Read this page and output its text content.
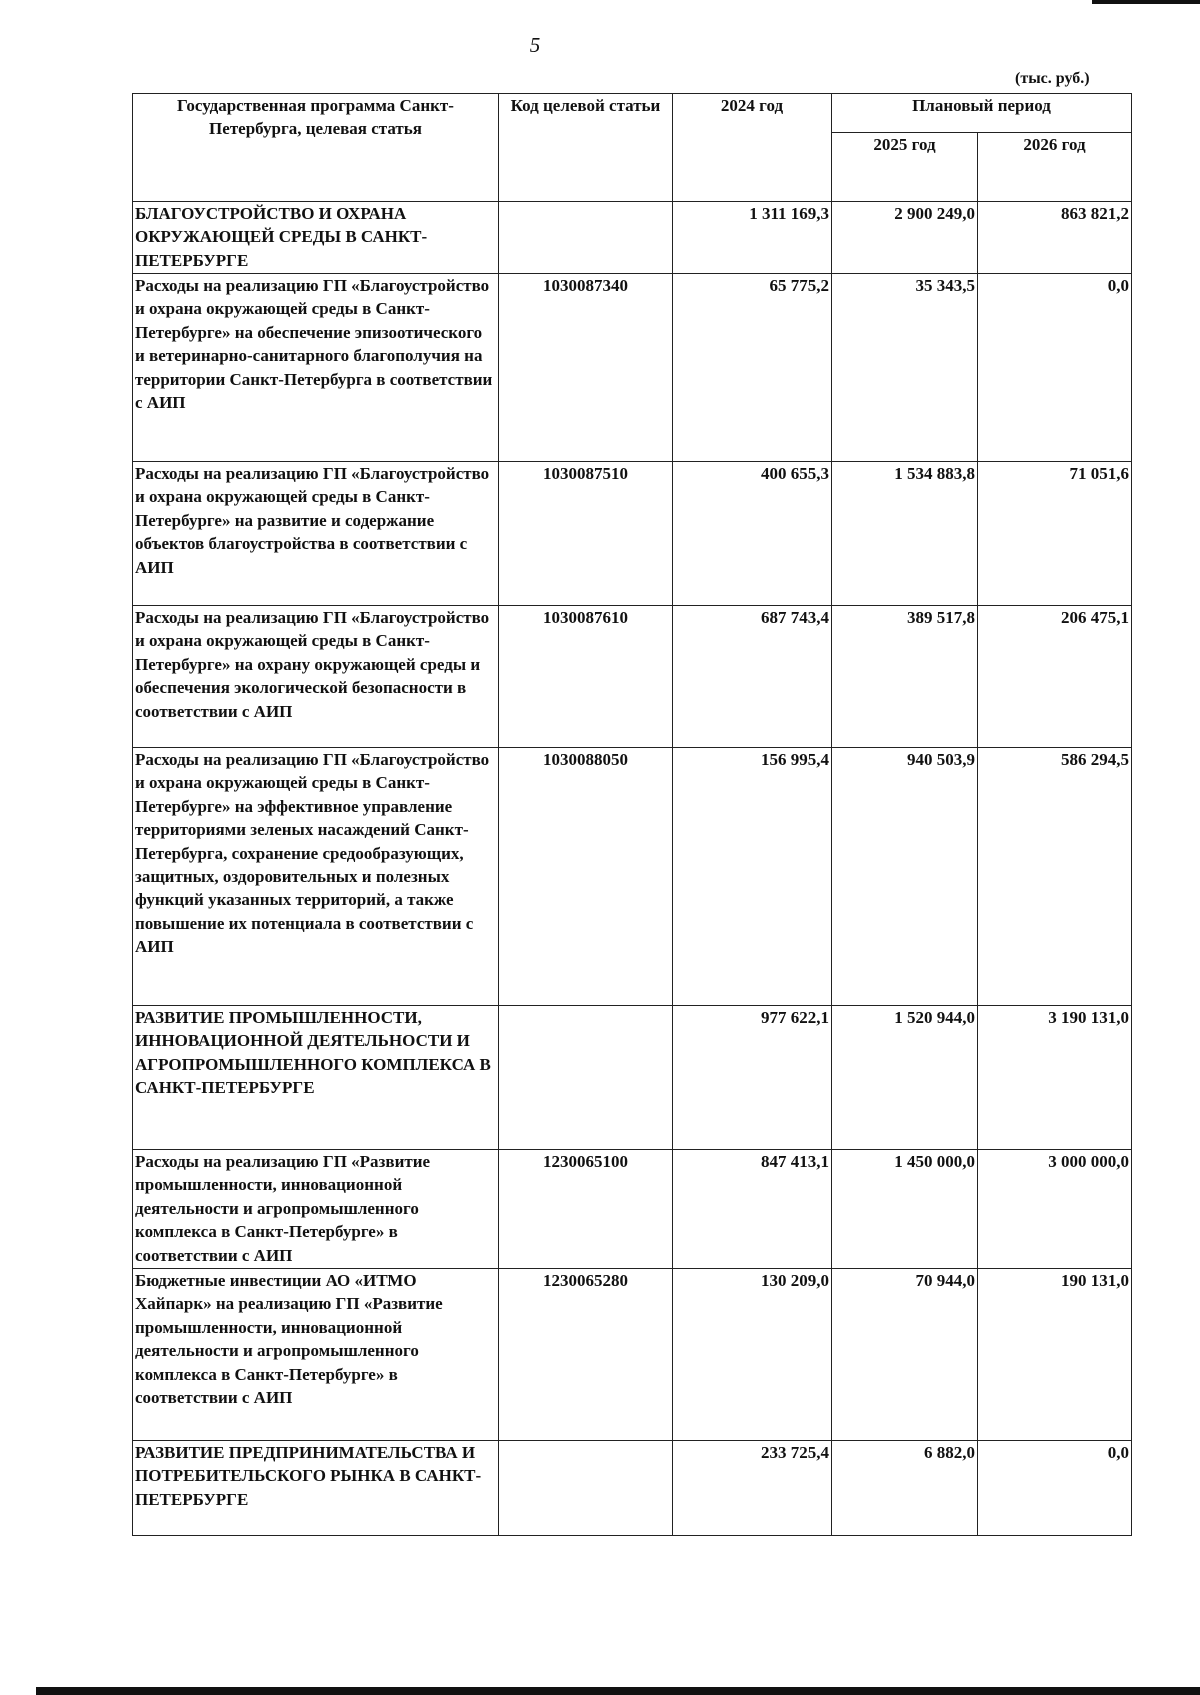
5
(тыс. руб.)
Государственная программа Санкт-Петербурга, целевая статья	Код целевой статьи	2024 год	Плановый период	
			2025 год	2026 год
БЛАГОУСТРОЙСТВО И ОХРАНА ОКРУЖАЮЩЕЙ СРЕДЫ В САНКТ-ПЕТЕРБУРГЕ		1 311 169,3	2 900 249,0	863 821,2
Расходы на реализацию ГП «Благоустройство и охрана окружающей среды в Санкт-Петербурге» на обеспечение эпизоотического и ветеринарно-санитарного благополучия на территории Санкт-Петербурга в соответствии с АИП	1030087340	65 775,2	35 343,5	0,0
Расходы на реализацию ГП «Благоустройство и охрана окружающей среды в Санкт-Петербурге» на развитие и содержание объектов благоустройства в соответствии с АИП	1030087510	400 655,3	1 534 883,8	71 051,6
Расходы на реализацию ГП «Благоустройство и охрана окружающей среды в Санкт-Петербурге» на охрану окружающей среды и обеспечения экологической безопасности в соответствии с АИП	1030087610	687 743,4	389 517,8	206 475,1
Расходы на реализацию ГП «Благоустройство и охрана окружающей среды в Санкт-Петербурге» на эффективное управление территориями зеленых насаждений Санкт-Петербурга, сохранение средообразующих, защитных, оздоровительных и полезных функций указанных территорий, а также повышение их потенциала в соответствии с АИП	1030088050	156 995,4	940 503,9	586 294,5
РАЗВИТИЕ ПРОМЫШЛЕННОСТИ, ИННОВАЦИОННОЙ ДЕЯТЕЛЬНОСТИ И АГРОПРОМЫШЛЕННОГО КОМПЛЕКСА В САНКТ-ПЕТЕРБУРГЕ		977 622,1	1 520 944,0	3 190 131,0
Расходы на реализацию ГП «Развитие промышленности, инновационной деятельности и агропромышленного комплекса в Санкт-Петербурге» в соответствии с АИП	1230065100	847 413,1	1 450 000,0	3 000 000,0
Бюджетные инвестиции АО «ИТМО Хайпарк» на реализацию ГП «Развитие промышленности, инновационной деятельности и агропромышленного комплекса в Санкт-Петербурге» в соответствии с АИП	1230065280	130 209,0	70 944,0	190 131,0
РАЗВИТИЕ ПРЕДПРИНИМАТЕЛЬСТВА И ПОТРЕБИТЕЛЬСКОГО РЫНКА В САНКТ-ПЕТЕРБУРГЕ		233 725,4	6 882,0	0,0
